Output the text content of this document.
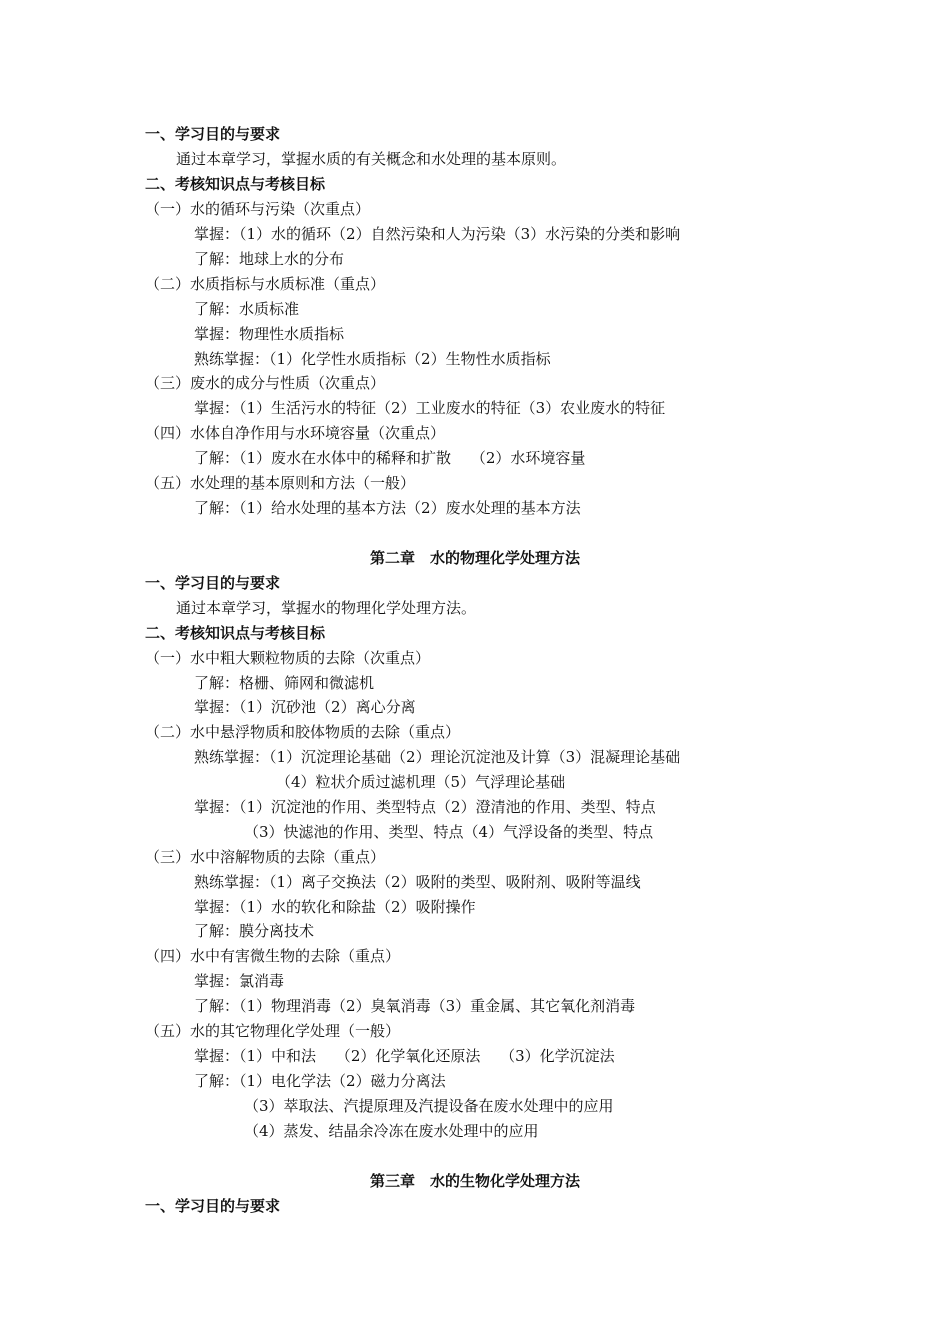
一、学习目的与要求
通过本章学习，掌握水质的有关概念和水处理的基本原则。
二、考核知识点与考核目标
（一）水的循环与污染（次重点）
掌握：（1）水的循环（2）自然污染和人为污染（3）水污染的分类和影响
了解：地球上水的分布
（二）水质指标与水质标准（重点）
了解：水质标准
掌握：物理性水质指标
熟练掌握：（1）化学性水质指标（2）生物性水质指标
（三）废水的成分与性质（次重点）
掌握：（1）生活污水的特征（2）工业废水的特征（3）农业废水的特征
（四）水体自净作用与水环境容量（次重点）
了解：（1）废水在水体中的稀释和扩散　 （2）水环境容量
（五）水处理的基本原则和方法（一般）
了解：（1）给水处理的基本方法（2）废水处理的基本方法
第二章　水的物理化学处理方法
一、学习目的与要求
通过本章学习，掌握水的物理化学处理方法。
二、考核知识点与考核目标
（一）水中粗大颗粒物质的去除（次重点）
了解：格栅、筛网和微滤机
掌握：（1）沉砂池（2）离心分离
（二）水中悬浮物质和胶体物质的去除（重点）
熟练掌握：（1）沉淀理论基础（2）理论沉淀池及计算（3）混凝理论基础
（4）粒状介质过滤机理（5）气浮理论基础
掌握：（1）沉淀池的作用、类型特点（2）澄清池的作用、类型、特点
（3）快滤池的作用、类型、特点（4）气浮设备的类型、特点
（三）水中溶解物质的去除（重点）
熟练掌握：（1）离子交换法（2）吸附的类型、吸附剂、吸附等温线
掌握：（1）水的软化和除盐（2）吸附操作
了解：膜分离技术
（四）水中有害微生物的去除（重点）
掌握：氯消毒
了解：（1）物理消毒（2）臭氧消毒（3）重金属、其它氧化剂消毒
（五）水的其它物理化学处理（一般）
掌握：（1）中和法　 （2）化学氧化还原法　 （3）化学沉淀法
了解：（1）电化学法（2）磁力分离法
（3）萃取法、汽提原理及汽提设备在废水处理中的应用
（4）蒸发、结晶余冷冻在废水处理中的应用
第三章　水的生物化学处理方法
一、学习目的与要求
